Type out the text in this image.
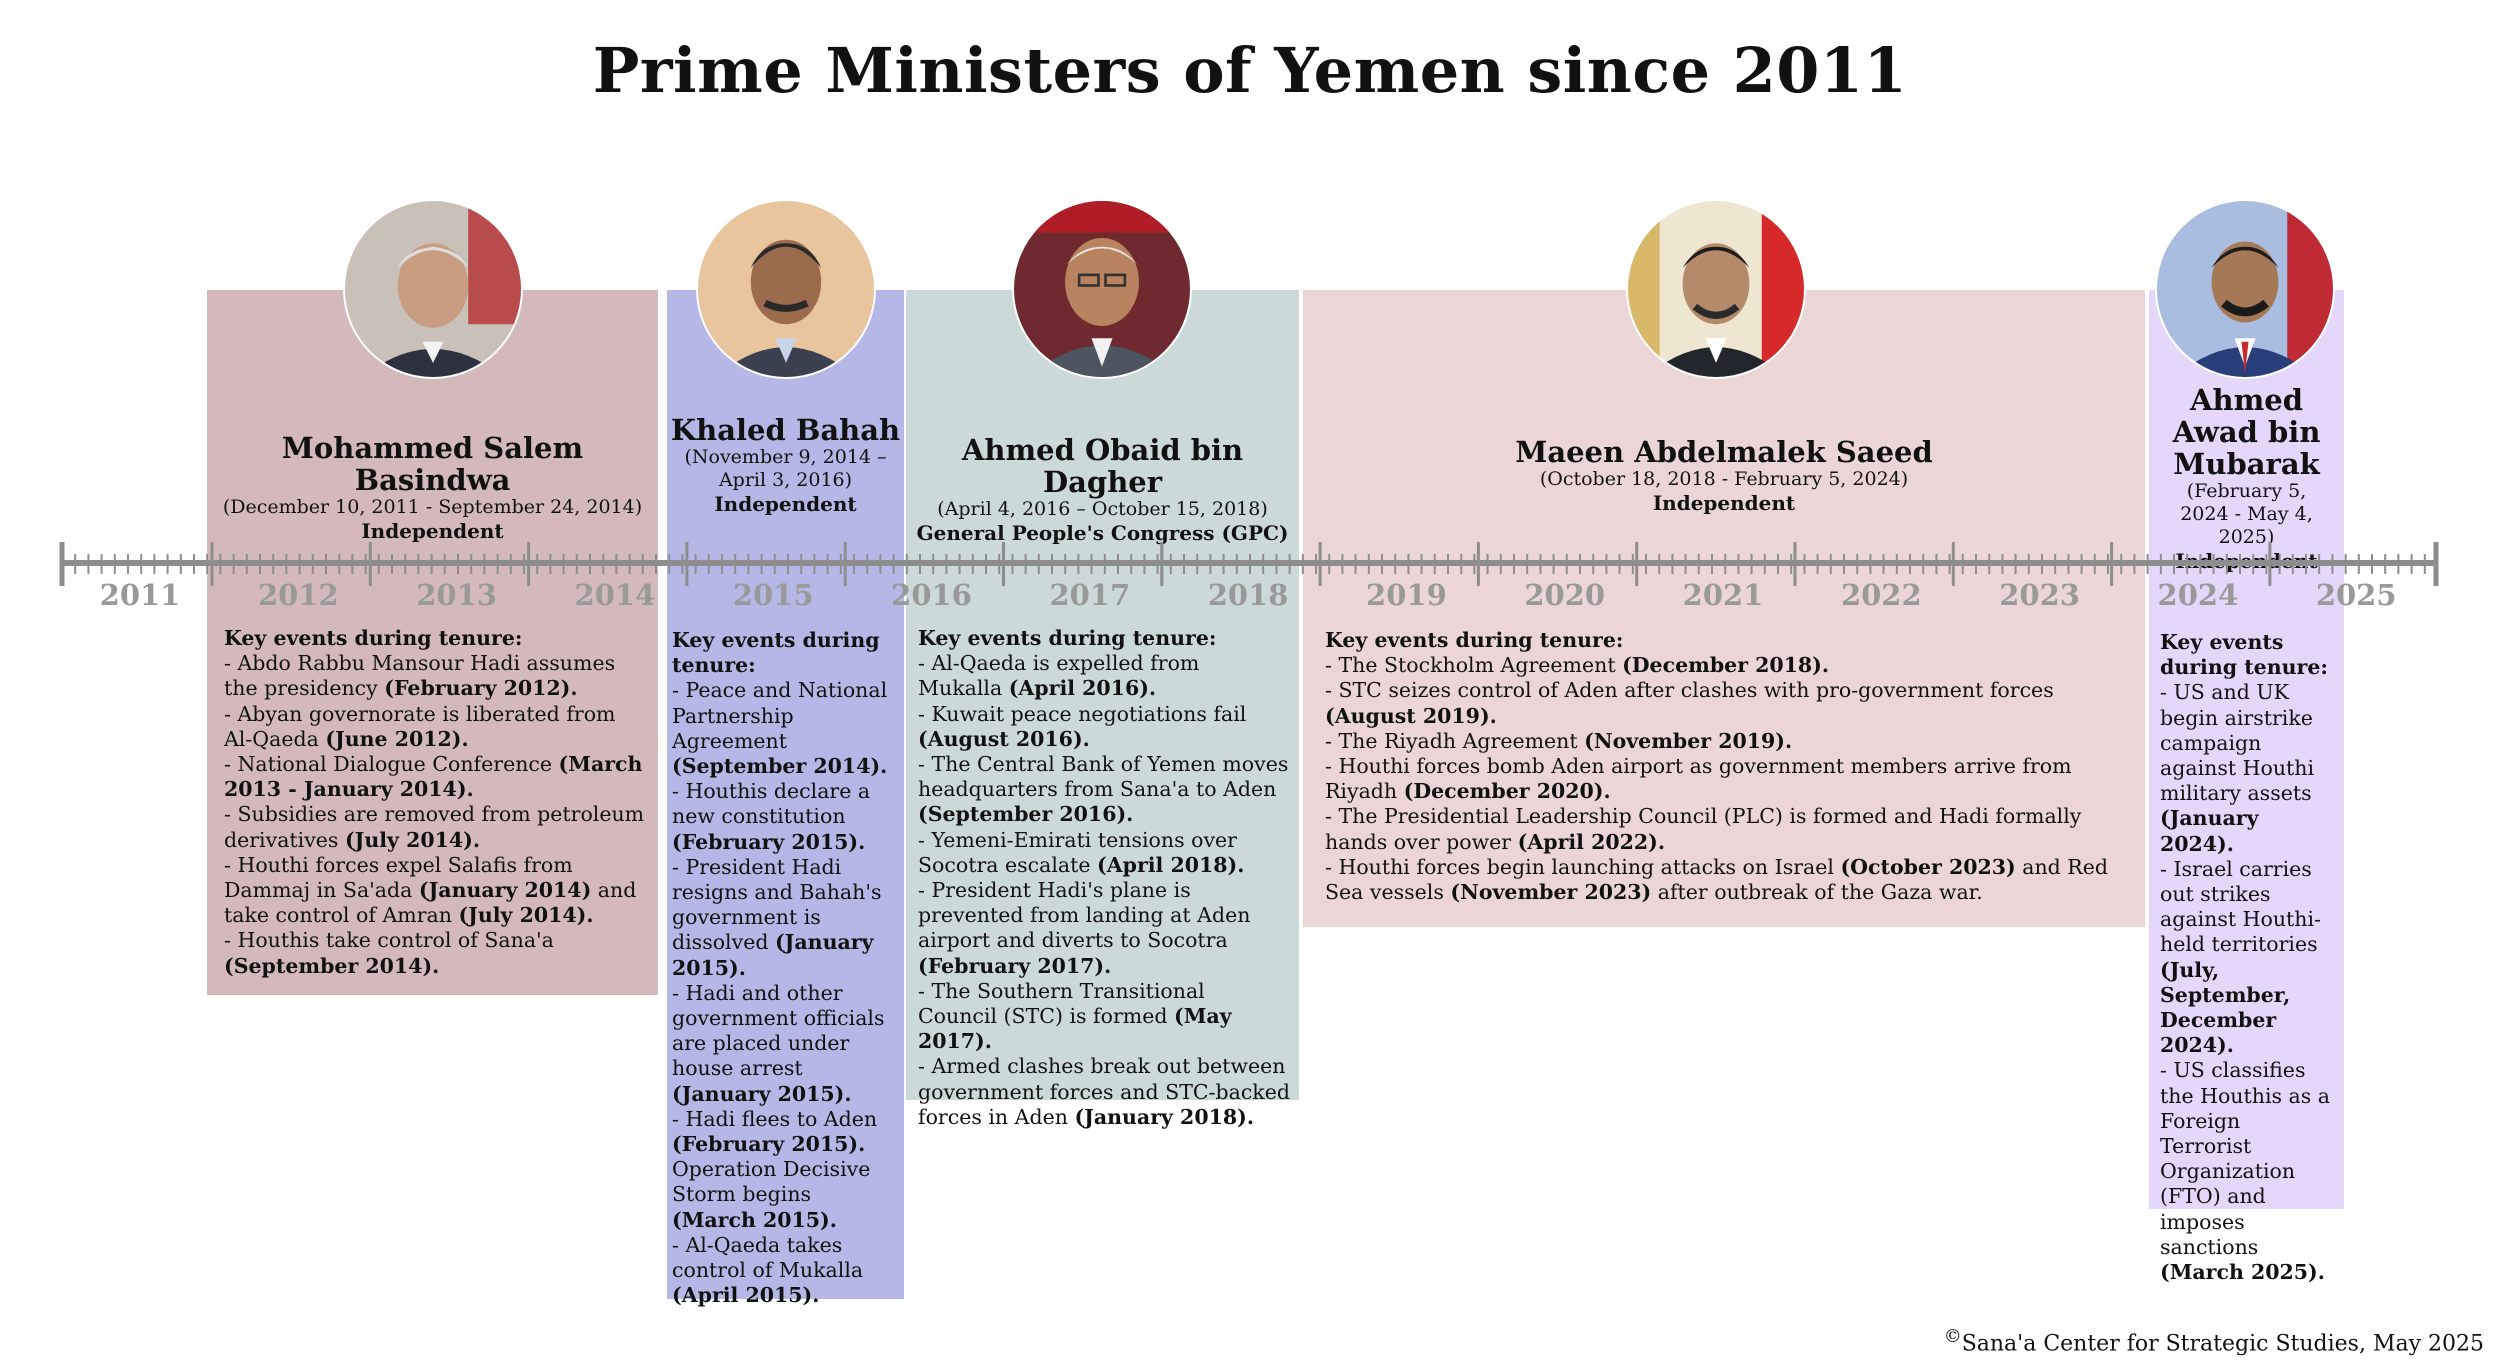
Prime Ministers of Yemen since 2011
Mohammed Salem Basindwa
(December 10, 2011 - September 24, 2014)
Independent
Khaled Bahah
(November 9, 2014 – April 3, 2016)
Independent
Ahmed Obaid bin Dagher
(April 4, 2016 – October 15, 2018)
General People's Congress (GPC)
Maeen Abdelmalek Saeed
(October 18, 2018 - February 5, 2024)
Independent
Ahmed Awad bin Mubarak
(February 5, 2024 - May 4, 2025)
2011	2012	2013	2014	2015	2016	2017	2018	2019	2020	2021	2022	2023	2024	2025
Key events during tenure:
- Abdo Rabbu Mansour Hadi assumes the presidency (February 2012).
- Abyan governorate is liberated from Al-Qaeda (June 2012).
- National Dialogue Conference (March 2013 - January 2014).
- Subsidies are removed from petroleum derivatives (July 2014).
- Houthi forces expel Salafis from Dammaj in Sa'ada (January 2014) and take control of Amran (July 2014).
- Houthis take control of Sana'a (September 2014).
Key events during tenure:
- Peace and National Partnership Agreement (September 2014).
- Houthis declare a new constitution (February 2015).
- President Hadi resigns and Bahah's government is dissolved (January 2015).
- Hadi and other government officials are placed under house arrest (January 2015).
- Hadi flees to Aden (February 2015). Operation Decisive Storm begins (March 2015).
- Al-Qaeda takes control of Mukalla (April 2015).
Key events during tenure:
- Al-Qaeda is expelled from Mukalla (April 2016).
- Kuwait peace negotiations fail (August 2016).
- The Central Bank of Yemen moves headquarters from Sana'a to Aden (September 2016).
- Yemeni-Emirati tensions over Socotra escalate (April 2018).
- President Hadi's plane is prevented from landing at Aden airport and diverts to Socotra (February 2017).
- The Southern Transitional Council (STC) is formed (May 2017).
- Armed clashes break out between government forces and STC-backed forces in Aden (January 2018).
Key events during tenure:
- The Stockholm Agreement (December 2018).
- STC seizes control of Aden after clashes with pro-government forces (August 2019).
- The Riyadh Agreement (November 2019).
- Houthi forces bomb Aden airport as government members arrive from Riyadh (December 2020).
- The Presidential Leadership Council (PLC) is formed and Hadi formally hands over power (April 2022).
- Houthi forces begin launching attacks on Israel (October 2023) and Red Sea vessels (November 2023) after outbreak of the Gaza war.
Key events during tenure:
- US and UK begin airstrike campaign against Houthi military assets (January 2024).
- Israel carries out strikes against Houthi-held territories (July, September, December 2024).
- US classifies the Houthis as a Foreign Terrorist Organization (FTO) and imposes sanctions (March 2025).
©Sana'a Center for Strategic Studies, May 2025
